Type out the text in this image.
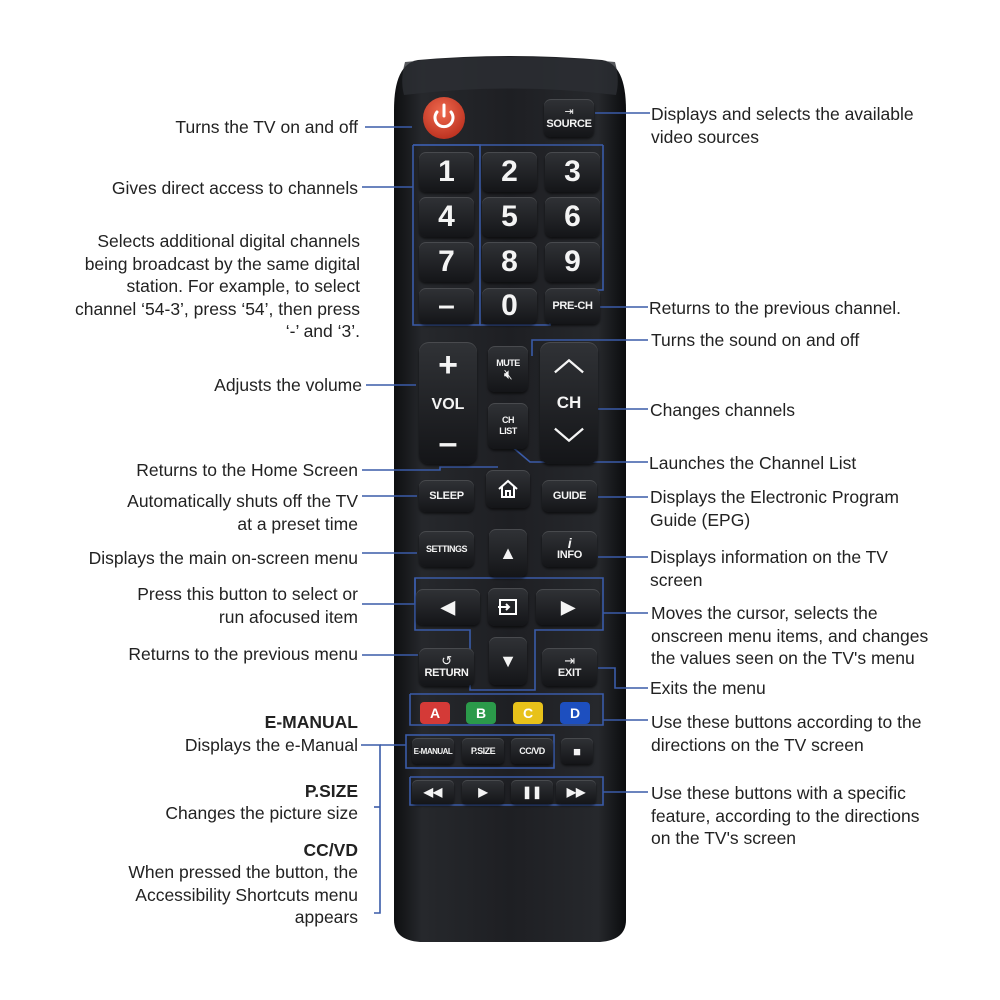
⇥
SOURCE
1 2 3
4 5 6
7 8 9
– 0	PRE-CH
+
VOL
–
MUTE
🔇︎
CH
LIST
︿
CH
﹀
SLEEP	GUIDE
SETTINGS	i
INFO
▲
◀	▶
▼
↺
RETURN
⇥
EXIT
A	B	C	D
E-MANUAL P.SIZE	CC/VD ■
◀◀	▶	❚❚ ▶▶
Turns the TV on and off
Gives direct access to channels
Selects additional digital channels
being broadcast by the same digital
station. For example, to select
channel ‘54-3’, press ‘54’, then press
‘-’ and ‘3’.
Adjusts the volume
Returns to the Home Screen
Automatically shuts off the TV
at a preset time
Displays the main on-screen menu
Press this button to select or
run afocused item
Returns to the previous menu
E-MANUAL
Displays the e-Manual
P.SIZE
Changes the picture size
CC/VD
When pressed the button, the
Accessibility Shortcuts menu
appears
Displays and selects the available
video sources
Returns to the previous channel.
Turns the sound on and off
Changes channels
Launches the Channel List
Displays the Electronic Program
Guide (EPG)
Displays information on the TV
screen
Moves the cursor, selects the
onscreen menu items, and changes
the values seen on the TV's menu
Exits the menu
Use these buttons according to the
directions on the TV screen
Use these buttons with a specific
feature, according to the directions
on the TV's screen
